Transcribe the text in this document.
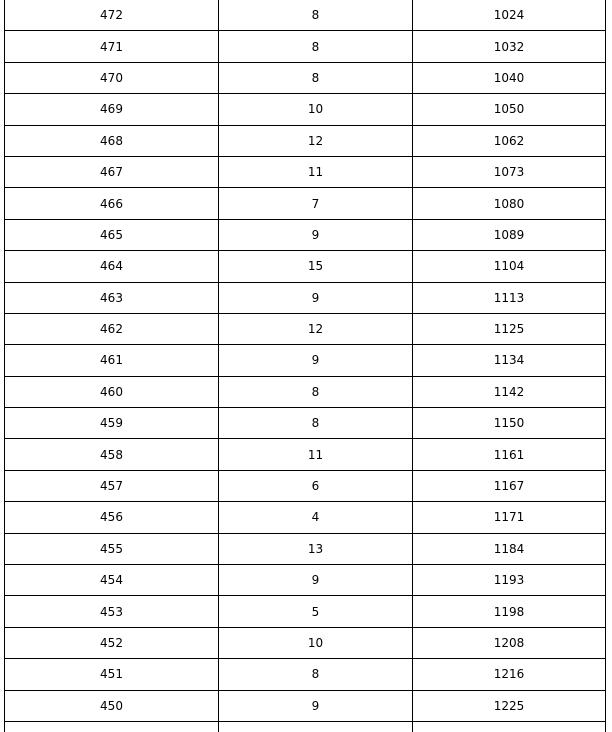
472	8	1024
471	8	1032
470	8	1040
469	10	1050
468	12	1062
467	11	1073
466	7	1080
465	9	1089
464	15	1104
463	9	1113
462	12	1125
461	9	1134
460	8	1142
459	8	1150
458	11	1161
457	6	1167
456	4	1171
455	13	1184
454	9	1193
453	5	1198
452	10	1208
451	8	1216
450	9	1225
